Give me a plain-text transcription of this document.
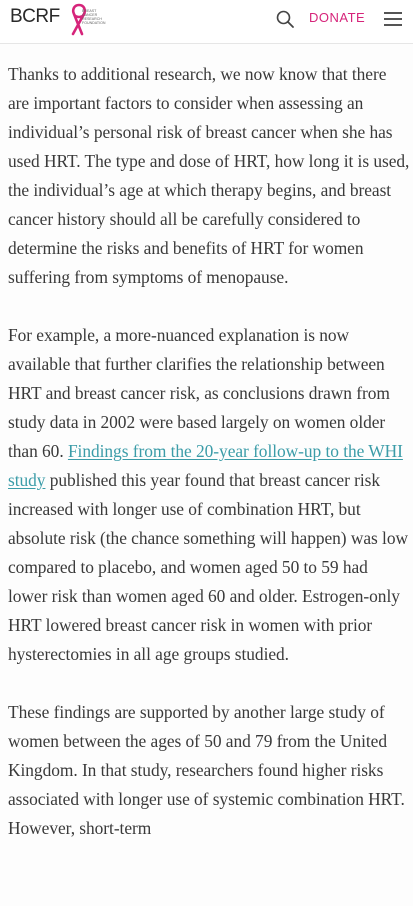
BCRF	BREAST
CANCER
RESEARCH
FOUNDATION	DONATE

Thanks to additional research, we now know that there are important factors to consider when assessing an individual’s personal risk of breast cancer when she has used HRT. The type and dose of HRT, how long it is used, the individual’s age at which therapy begins, and breast cancer history should all be carefully considered to determine the risks and benefits of HRT for women suffering from symptoms of menopause.

For example, a more-nuanced explanation is now available that further clarifies the relationship between HRT and breast cancer risk, as conclusions drawn from study data in 2002 were based largely on women older than 60. Findings from the 20-year follow-up to the WHI study published this year found that breast cancer risk increased with longer use of combination HRT, but absolute risk (the chance something will happen) was low compared to placebo, and women aged 50 to 59 had lower risk than women aged 60 and older. Estrogen-only HRT lowered breast cancer risk in women with prior hysterectomies in all age groups studied.

These findings are supported by another large study of women between the ages of 50 and 79 from the United Kingdom. In that study, researchers found higher risks associated with longer use of systemic combination HRT. However, short-term
